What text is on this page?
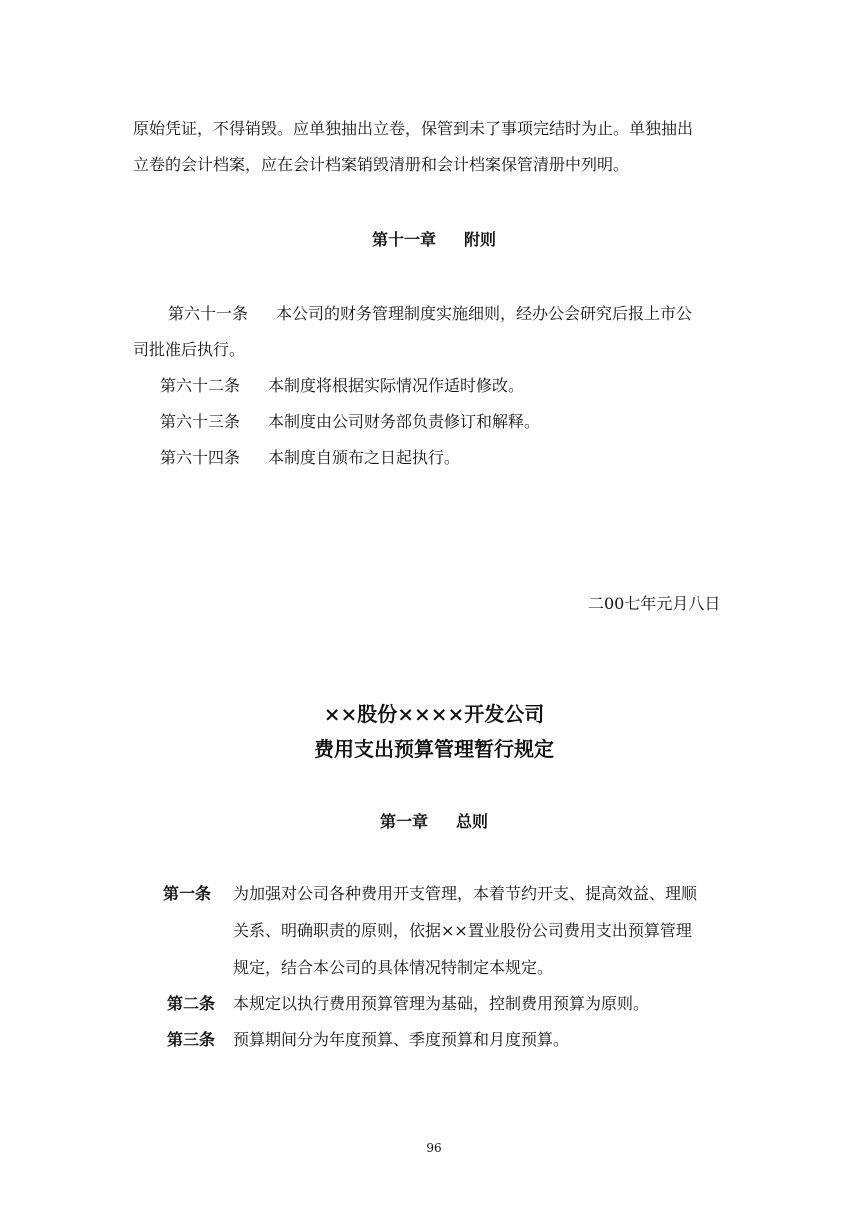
原始凭证，不得销毁。应单独抽出立卷，保管到未了事项完结时为止。单独抽出
立卷的会计档案，应在会计档案销毁清册和会计档案保管清册中列明。
第十一章 附则
第六十一条 本公司的财务管理制度实施细则，经办公会研究后报上市公
司批准后执行。
第六十二条 本制度将根据实际情况作适时修改。
第六十三条 本制度由公司财务部负责修订和解释。
第六十四条 本制度自颁布之日起执行。
二00七年元月八日
××股份××××开发公司
费用支出预算管理暂行规定
第一章 总则
第一条 为加强对公司各种费用开支管理，本着节约开支、提高效益、理顺
关系、明确职责的原则，依据××置业股份公司费用支出预算管理
规定，结合本公司的具体情况特制定本规定。
第二条 本规定以执行费用预算管理为基础，控制费用预算为原则。
第三条 预算期间分为年度预算、季度预算和月度预算。
96
